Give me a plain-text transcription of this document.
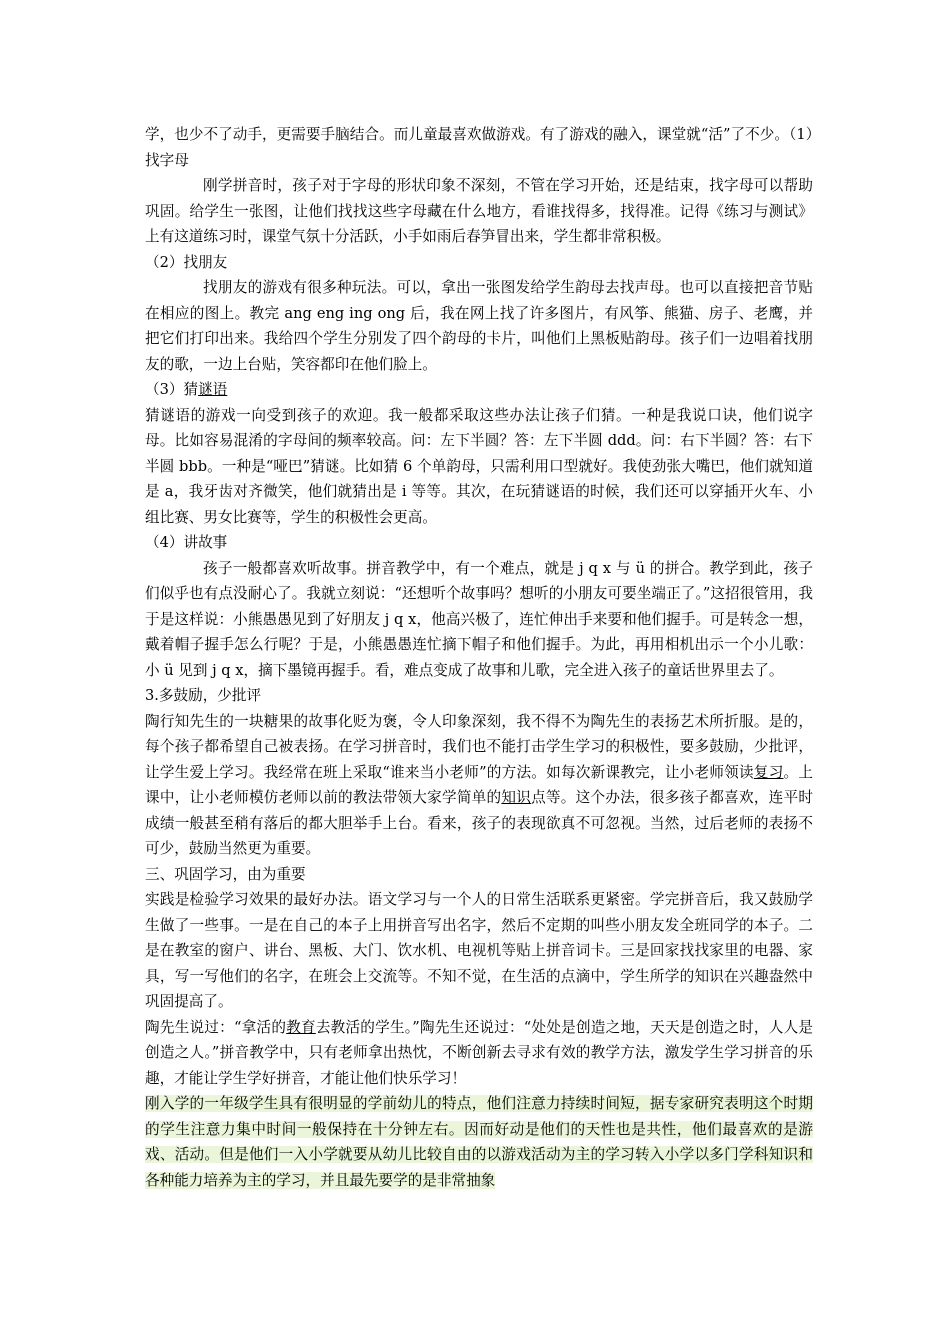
学，也少不了动手，更需要手脑结合。而儿童最喜欢做游戏。有了游戏的融入，课堂就“活”了不少。（1）找字母

刚学拼音时，孩子对于字母的形状印象不深刻，不管在学习开始，还是结束，找字母可以帮助巩固。给学生一张图，让他们找找这些字母藏在什么地方，看谁找得多，找得准。记得《练习与测试》上有这道练习时，课堂气氛十分活跃，小手如雨后春笋冒出来，学生都非常积极。

（2）找朋友

找朋友的游戏有很多种玩法。可以，拿出一张图发给学生韵母去找声母。也可以直接把音节贴在相应的图上。教完 ang eng ing ong 后，我在网上找了许多图片，有风筝、熊猫、房子、老鹰，并把它们打印出来。我给四个学生分别发了四个韵母的卡片，叫他们上黑板贴韵母。孩子们一边唱着找朋友的歌，一边上台贴，笑容都印在他们脸上。

（3）猜谜语

猜谜语的游戏一向受到孩子的欢迎。我一般都采取这些办法让孩子们猜。一种是我说口诀，他们说字母。比如容易混淆的字母间的频率较高。问：左下半圆？答：左下半圆 ddd。问：右下半圆？答：右下半圆 bbb。一种是“哑巴”猜谜。比如猜 6 个单韵母，只需利用口型就好。我使劲张大嘴巴，他们就知道是 a，我牙齿对齐微笑，他们就猜出是 i 等等。其次，在玩猜谜语的时候，我们还可以穿插开火车、小组比赛、男女比赛等，学生的积极性会更高。

（4）讲故事

孩子一般都喜欢听故事。拼音教学中，有一个难点，就是 j q x 与 ü 的拼合。教学到此，孩子们似乎也有点没耐心了。我就立刻说：“还想听个故事吗？想听的小朋友可要坐端正了。”这招很管用，我于是这样说：小熊愚愚见到了好朋友 j q x，他高兴极了，连忙伸出手来要和他们握手。可是转念一想，戴着帽子握手怎么行呢？于是，小熊愚愚连忙摘下帽子和他们握手。为此，再用相机出示一个小儿歌：小 ü 见到 j q x，摘下墨镜再握手。看，难点变成了故事和儿歌，完全进入孩子的童话世界里去了。

3.多鼓励，少批评

陶行知先生的一块糖果的故事化贬为褒，令人印象深刻，我不得不为陶先生的表扬艺术所折服。是的，每个孩子都希望自己被表扬。在学习拼音时，我们也不能打击学生学习的积极性，要多鼓励，少批评，让学生爱上学习。我经常在班上采取“谁来当小老师”的方法。如每次新课教完，让小老师领读复习。上课中，让小老师模仿老师以前的教法带领大家学简单的知识点等。这个办法，很多孩子都喜欢，连平时成绩一般甚至稍有落后的都大胆举手上台。看来，孩子的表现欲真不可忽视。当然，过后老师的表扬不可少，鼓励当然更为重要。

三、巩固学习，由为重要

实践是检验学习效果的最好办法。语文学习与一个人的日常生活联系更紧密。学完拼音后，我又鼓励学生做了一些事。一是在自己的本子上用拼音写出名字，然后不定期的叫些小朋友发全班同学的本子。二是在教室的窗户、讲台、黑板、大门、饮水机、电视机等贴上拼音词卡。三是回家找找家里的电器、家具，写一写他们的名字，在班会上交流等。不知不觉，在生活的点滴中，学生所学的知识在兴趣盎然中巩固提高了。

陶先生说过：“拿活的教育去教活的学生。”陶先生还说过：“处处是创造之地，天天是创造之时，人人是创造之人。”拼音教学中，只有老师拿出热忱，不断创新去寻求有效的教学方法，激发学生学习拼音的乐趣，才能让学生学好拼音，才能让他们快乐学习！

刚入学的一年级学生具有很明显的学前幼儿的特点，他们注意力持续时间短，据专家研究表明这个时期的学生注意力集中时间一般保持在十分钟左右。因而好动是他们的天性也是共性，他们最喜欢的是游戏、活动。但是他们一入小学就要从幼儿比较自由的以游戏活动为主的学习转入小学以多门学科知识和各种能力培养为主的学习，并且最先要学的是非常抽象
